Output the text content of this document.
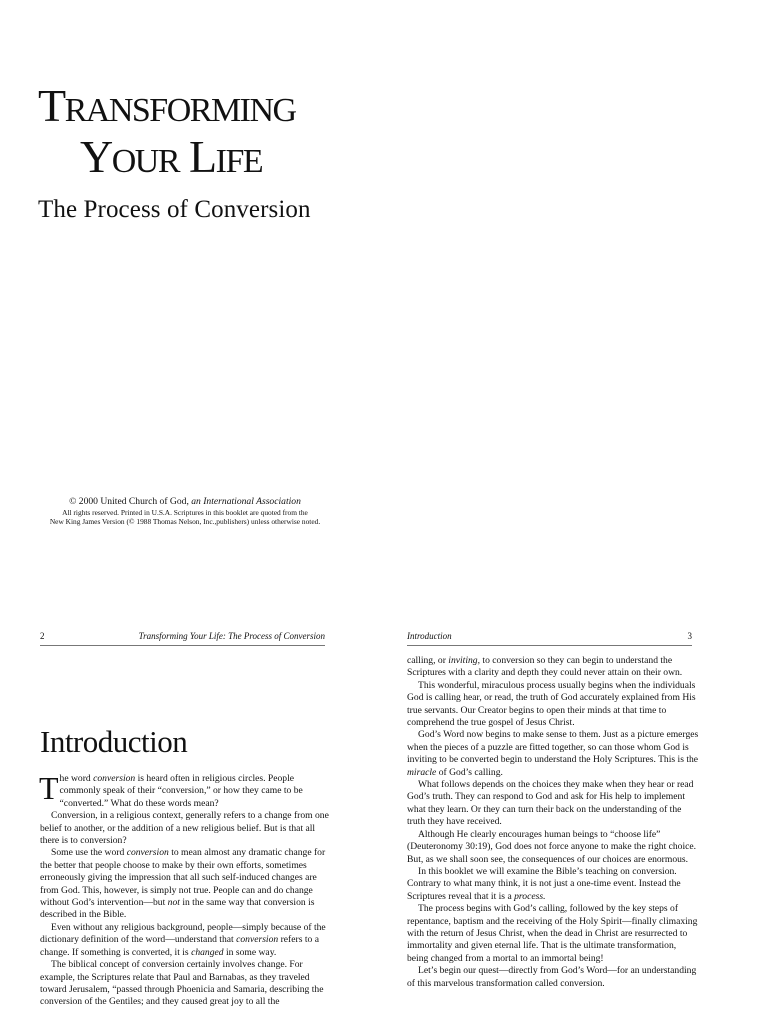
TRANSFORMING
YOUR LIFE
The Process of Conversion
© 2000 United Church of God, an International Association
All rights reserved. Printed in U.S.A. Scriptures in this booklet are quoted from the
New King James Version (© 1988 Thomas Nelson, Inc.,publishers) unless otherwise noted.
2	Transforming Your Life: The Process of Conversion	Introduction	3
Introduction

The word conversion is heard often in religious circles. People commonly speak of their “conversion,” or how they came to be “converted.” What do these words mean?

Conversion, in a religious context, generally refers to a change from one belief to another, or the addition of a new religious belief. But is that all there is to conversion?

Some use the word conversion to mean almost any dramatic change for the better that people choose to make by their own efforts, sometimes erroneously giving the impression that all such self-induced changes are from God. This, however, is simply not true. People can and do change without God’s intervention—but not in the same way that conversion is described in the Bible.

Even without any religious background, people—simply because of the dictionary definition of the word—understand that conversion refers to a change. If something is converted, it is changed in some way.

The biblical concept of conversion certainly involves change. For example, the Scriptures relate that Paul and Barnabas, as they traveled toward Jerusalem, “passed through Phoenicia and Samaria, describing the conversion of the Gentiles; and they caused great joy to all the

calling, or inviting, to conversion so they can begin to understand the Scriptures with a clarity and depth they could never attain on their own.

This wonderful, miraculous process usually begins when the individuals God is calling hear, or read, the truth of God accurately explained from His true servants. Our Creator begins to open their minds at that time to comprehend the true gospel of Jesus Christ.

God’s Word now begins to make sense to them. Just as a picture emerges when the pieces of a puzzle are fitted together, so can those whom God is inviting to be converted begin to understand the Holy Scriptures. This is the miracle of God’s calling.

What follows depends on the choices they make when they hear or read God’s truth. They can respond to God and ask for His help to implement what they learn. Or they can turn their back on the understanding of the truth they have received.

Although He clearly encourages human beings to “choose life” (Deuteronomy 30:19), God does not force anyone to make the right choice. But, as we shall soon see, the consequences of our choices are enormous.

In this booklet we will examine the Bible’s teaching on conversion. Contrary to what many think, it is not just a one-time event. Instead the Scriptures reveal that it is a process.

The process begins with God’s calling, followed by the key steps of repentance, baptism and the receiving of the Holy Spirit—finally climaxing with the return of Jesus Christ, when the dead in Christ are resurrected to immortality and given eternal life. That is the ultimate transformation, being changed from a mortal to an immortal being!

Let’s begin our quest—directly from God’s Word—for an understanding of this marvelous transformation called conversion.
